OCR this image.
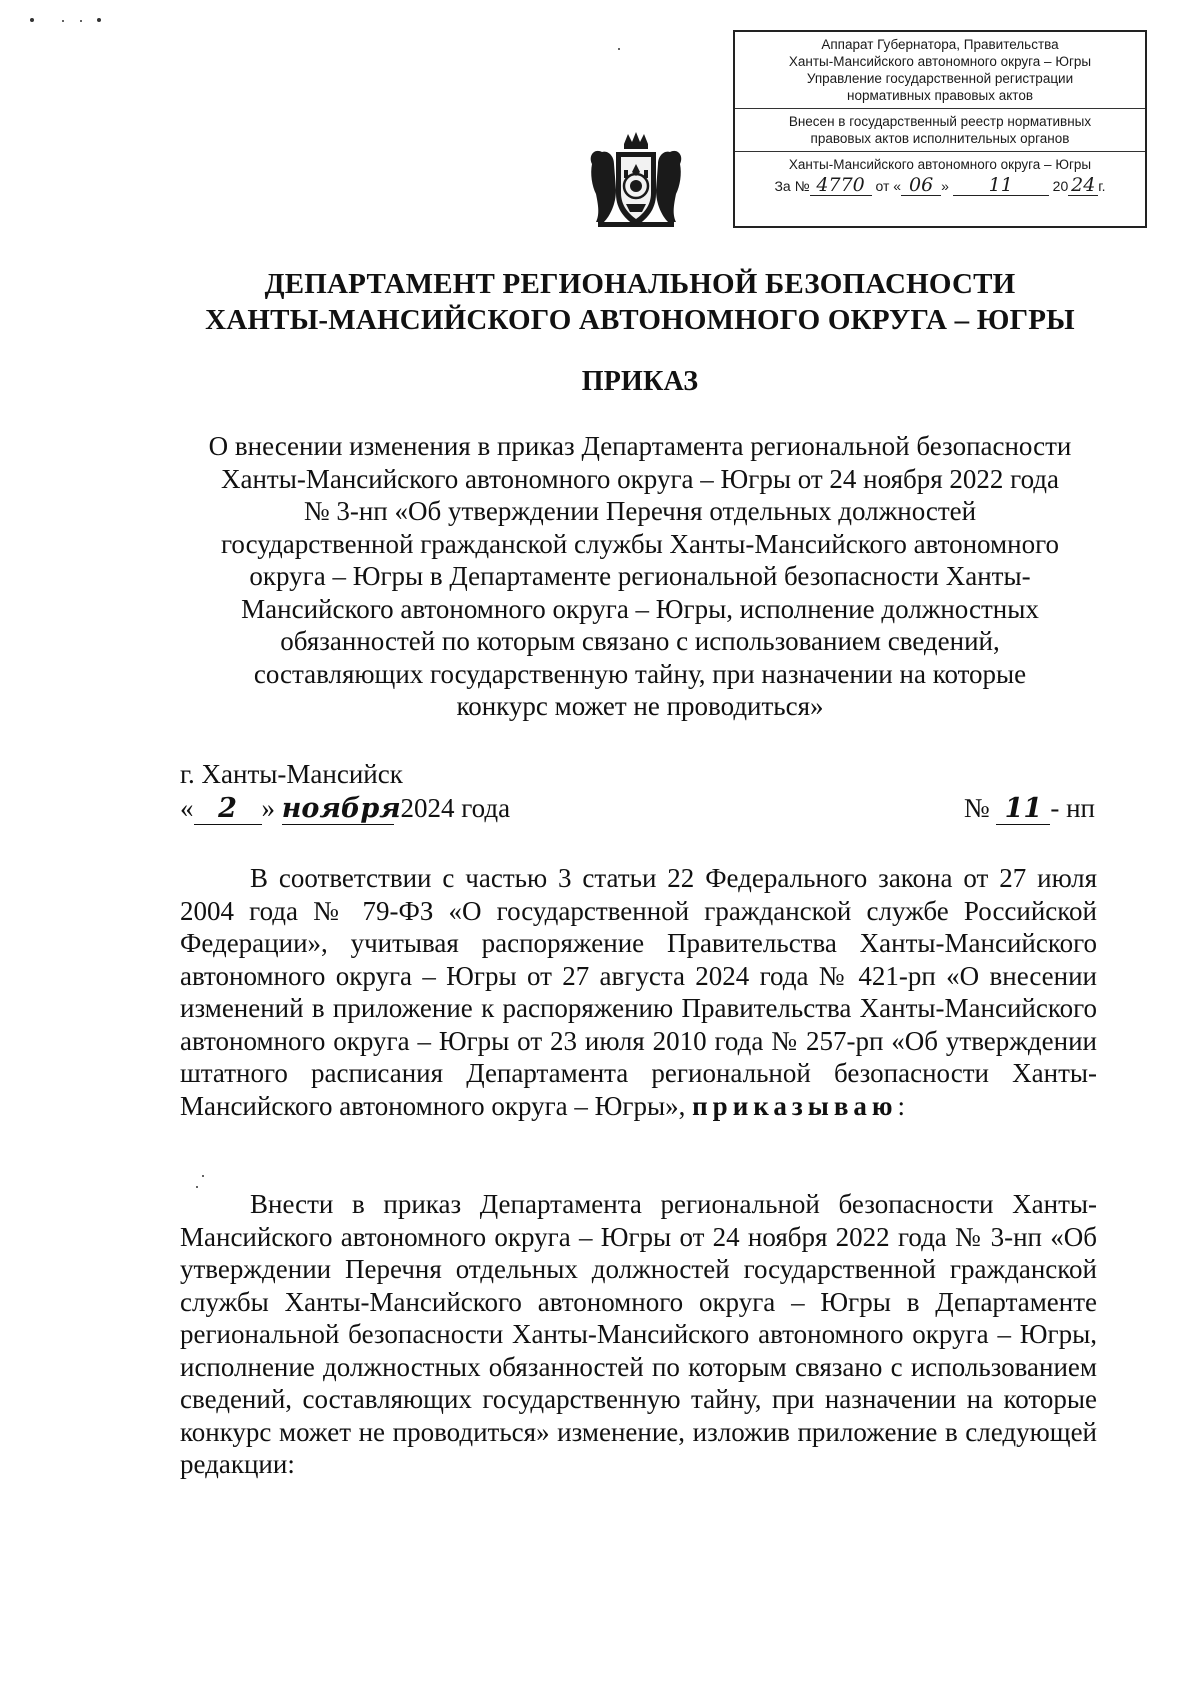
Аппарат Губернатора, Правительства
Ханты-Мансийского автономного округа – Югры
Управление государственной регистрации
нормативных правовых актов
Внесен в государственный реестр нормативных
правовых актов исполнительных органов
Ханты-Мансийского автономного округа – Югры
За № 4770 от « 06 » 11	20 24 г.
ДЕПАРТАМЕНТ РЕГИОНАЛЬНОЙ БЕЗОПАСНОСТИ
ХАНТЫ-МАНСИЙСКОГО АВТОНОМНОГО ОКРУГА – ЮГРЫ
ПРИКАЗ
О внесении изменения в приказ Департамента региональной безопасности
Ханты-Мансийского автономного округа – Югры от 24 ноября 2022 года
№ 3-нп «Об утверждении Перечня отдельных должностей
государственной гражданской службы Ханты-Мансийского автономного
округа – Югры в Департаменте региональной безопасности Ханты-
Мансийского автономного округа – Югры, исполнение должностных
обязанностей по которым связано с использованием сведений,
составляющих государственную тайну, при назначении на которые
конкурс может не проводиться»
г. Ханты-Мансийск
« 2 » ноября 2024 года	№ 11 - нп
В соответствии с частью 3 статьи 22 Федерального закона от 27 июля 2004 года № 79-ФЗ «О государственной гражданской службе Российской Федерации», учитывая распоряжение Правительства Ханты-Мансийского автономного округа – Югры от 27 августа 2024 года № 421-рп «О внесении изменений в приложение к распоряжению Правительства Ханты-Мансийского автономного округа – Югры от 23 июля 2010 года № 257-рп «Об утверждении штатного расписания Департамента региональной безопасности Ханты-Мансийского автономного округа – Югры», приказываю:
Внести в приказ Департамента региональной безопасности Ханты-Мансийского автономного округа – Югры от 24 ноября 2022 года № 3-нп «Об утверждении Перечня отдельных должностей государственной гражданской службы Ханты-Мансийского автономного округа – Югры в Департаменте региональной безопасности Ханты-Мансийского автономного округа – Югры, исполнение должностных обязанностей по которым связано с использованием сведений, составляющих государственную тайну, при назначении на которые конкурс может не проводиться» изменение, изложив приложение в следующей редакции:
